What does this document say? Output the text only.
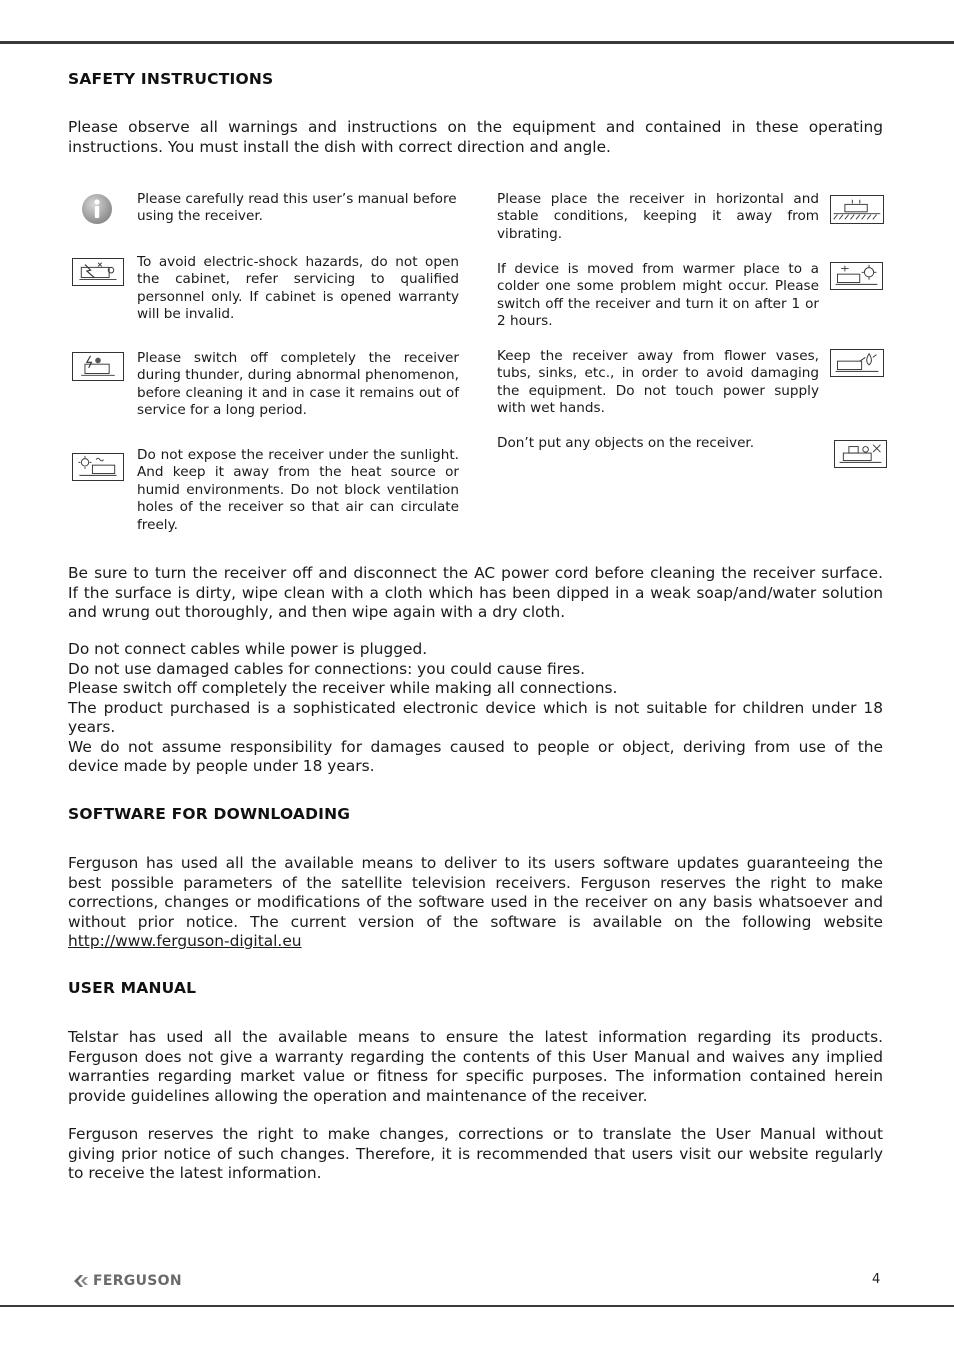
SAFETY INSTRUCTIONS

Please observe all warnings and instructions on the equipment and contained in these operating
instructions. You must install the dish with correct direction and angle.

Please carefully read this user’s manual before
using the receiver.

To avoid electric-shock hazards, do not open
the cabinet, refer servicing to qualified
personnel only. If cabinet is opened warranty
will be invalid.

Please switch off completely the receiver
during thunder, during abnormal phenomenon,
before cleaning it and in case it remains out of
service for a long period.

Do not expose the receiver under the sunlight.
And keep it away from the heat source or
humid environments. Do not block ventilation
holes of the receiver so that air can circulate
freely.

Please place the receiver in horizontal and
stable conditions, keeping it away from
vibrating.

If device is moved from warmer place to a
colder one some problem might occur. Please
switch off the receiver and turn it on after 1 or
2 hours.

Keep the receiver away from flower vases,
tubs, sinks, etc., in order to avoid damaging
the equipment. Do not touch power supply
with wet hands.

Don’t put any objects on the receiver.

Be sure to turn the receiver off and disconnect the AC power cord before cleaning the receiver surface.
If the surface is dirty, wipe clean with a cloth which has been dipped in a weak soap/and/water solution
and wrung out thoroughly, and then wipe again with a dry cloth.

Do not connect cables while power is plugged.
Do not use damaged cables for connections: you could cause fires.
Please switch off completely the receiver while making all connections.
The product purchased is a sophisticated electronic device which is not suitable for children under 18
years.
We do not assume responsibility for damages caused to people or object, deriving from use of the
device made by people under 18 years.

SOFTWARE FOR DOWNLOADING

Ferguson has used all the available means to deliver to its users software updates guaranteeing the
best possible parameters of the satellite television receivers. Ferguson reserves the right to make
corrections, changes or modifications of the software used in the receiver on any basis whatsoever and
without prior notice. The current version of the software is available on the following website
http://www.ferguson-digital.eu

USER MANUAL

Telstar has used all the available means to ensure the latest information regarding its products.
Ferguson does not give a warranty regarding the contents of this User Manual and waives any implied
warranties regarding market value or fitness for specific purposes. The information contained herein
provide guidelines allowing the operation and maintenance of the receiver.

Ferguson reserves the right to make changes, corrections or to translate the User Manual without
giving prior notice of such changes. Therefore, it is recommended that users visit our website regularly
to receive the latest information.

FERGUSON	4
